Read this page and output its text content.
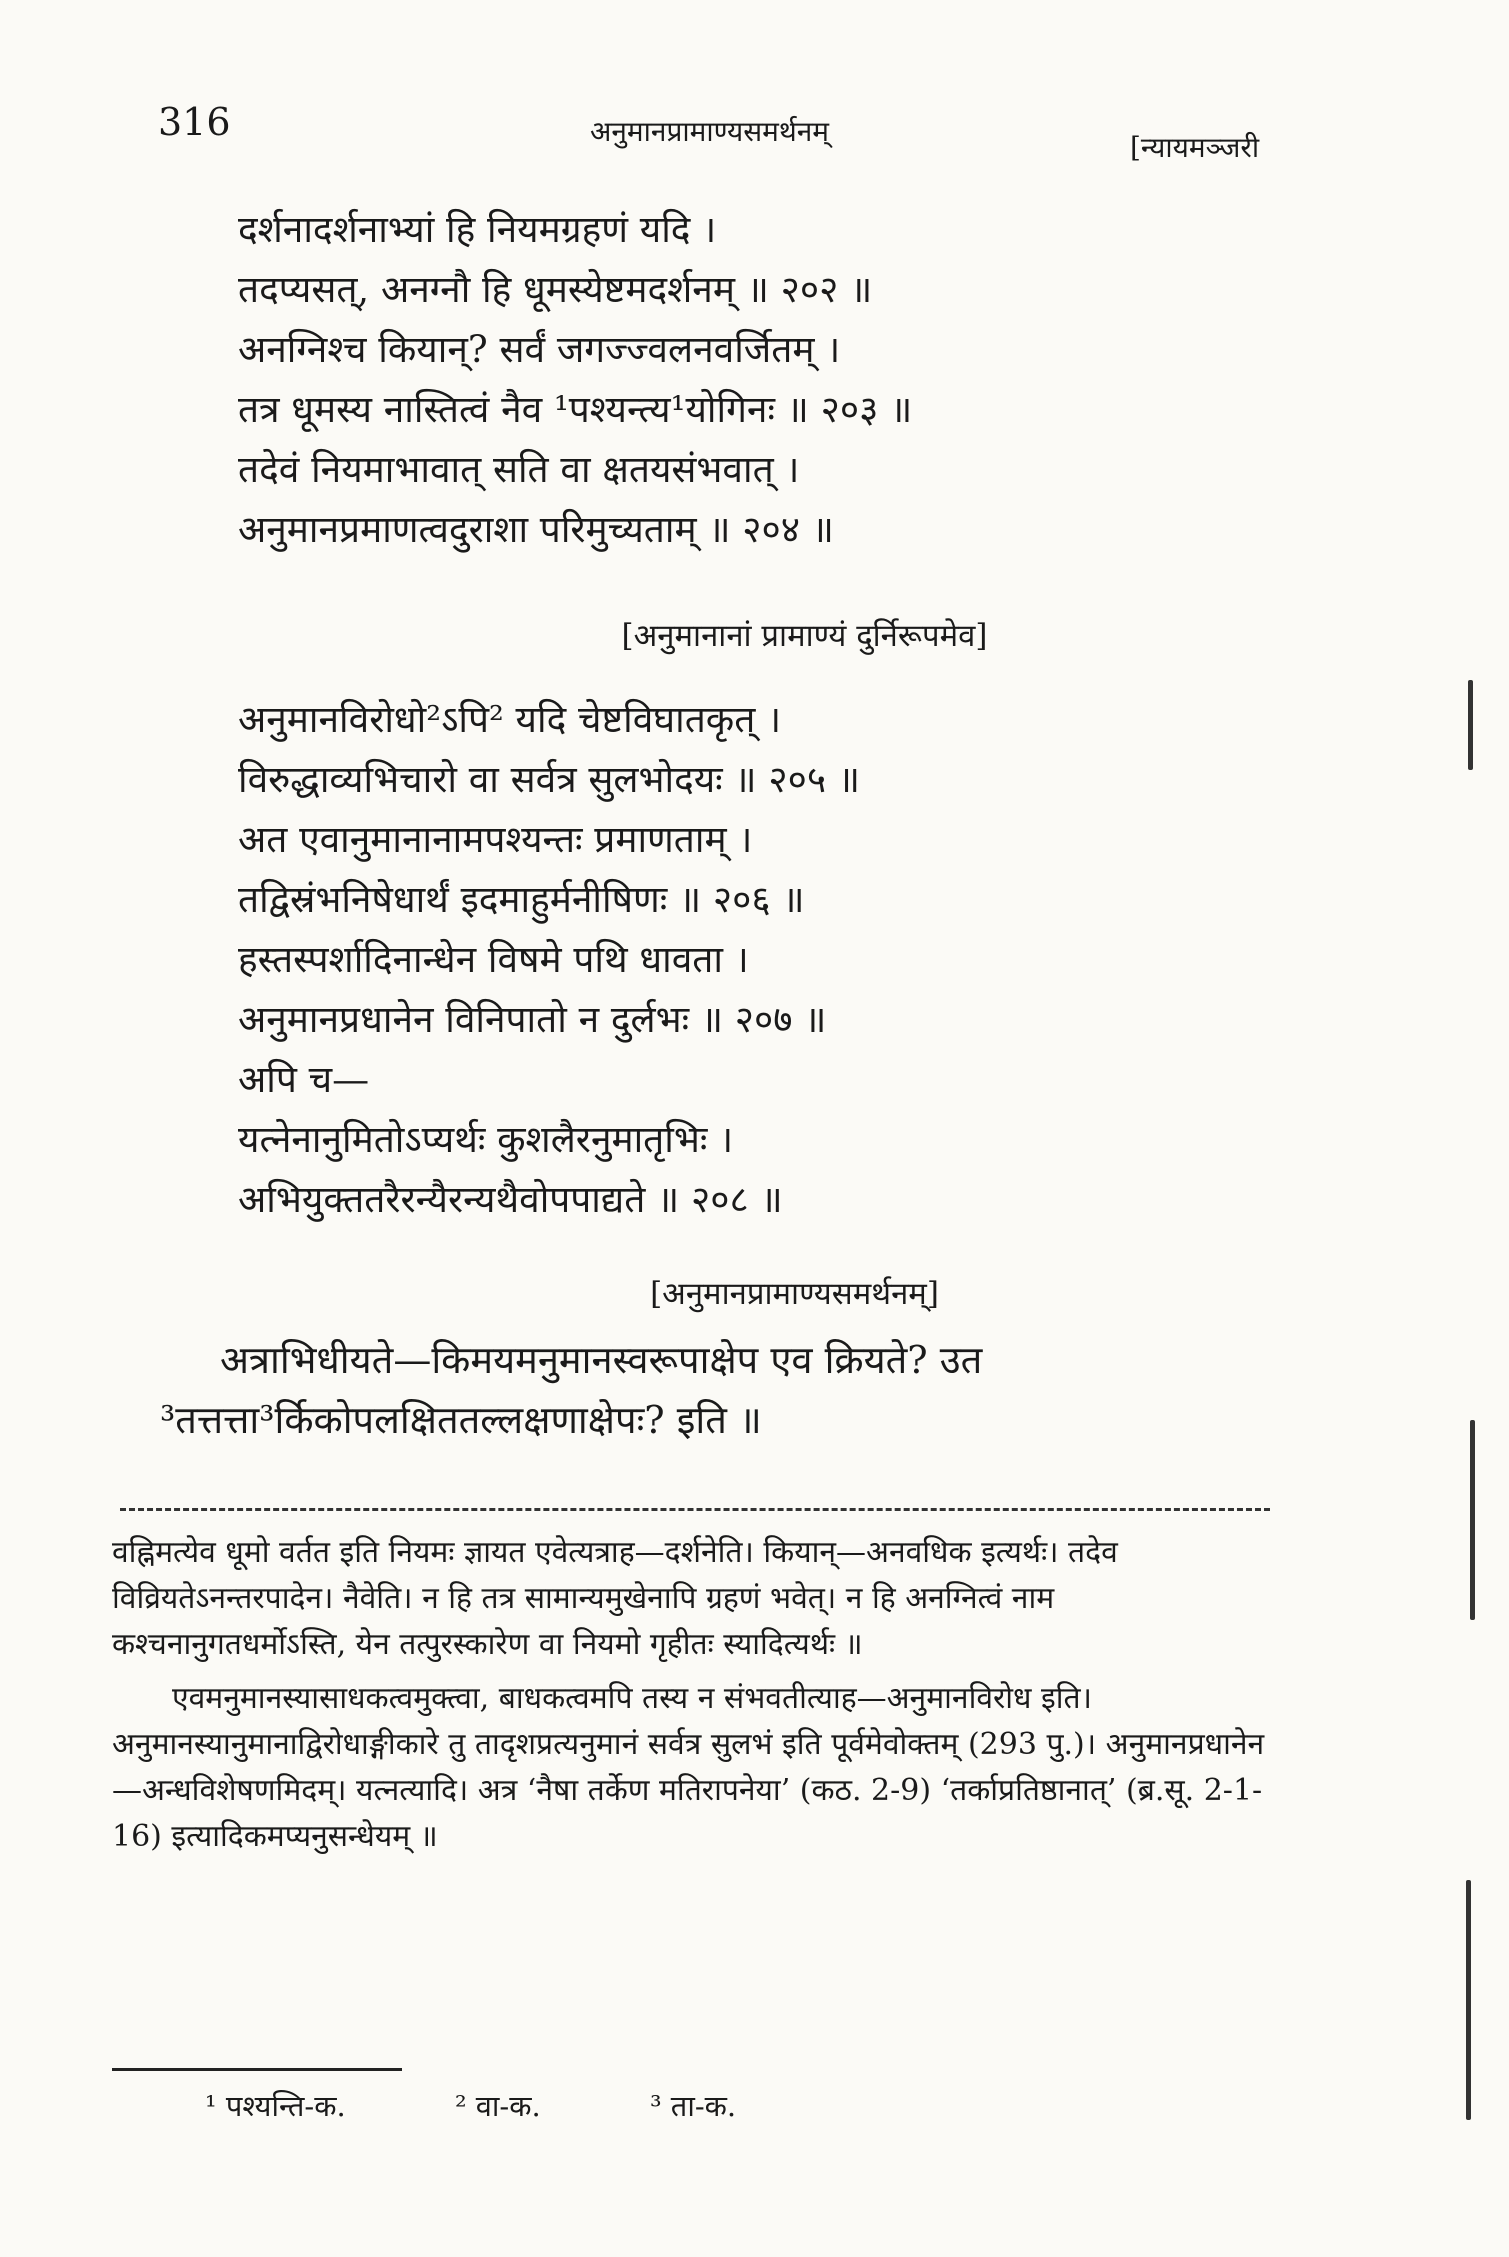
316	अनुमानप्रामाण्यसमर्थनम्	[न्यायमञ्जरी
दर्शनादर्शनाभ्यां हि नियमग्रहणं यदि ।
तदप्यसत्, अनग्नौ हि धूमस्येष्टमदर्शनम् ॥ २०२ ॥
अनग्निश्च कियान्? सर्वं जगज्ज्वलनवर्जितम् ।
तत्र धूमस्य नास्तित्वं नैव ¹पश्यन्त्य¹योगिनः ॥ २०३ ॥
तदेवं नियमाभावात् सति वा क्षतयसंभवात् ।
अनुमानप्रमाणत्वदुराशा परिमुच्यताम् ॥ २०४ ॥
[अनुमानानां प्रामाण्यं दुर्निरूपमेव]
अनुमानविरोधो²ऽपि² यदि चेष्टविघातकृत् ।
विरुद्धाव्यभिचारो वा सर्वत्र सुलभोदयः ॥ २०५ ॥
अत एवानुमानानामपश्यन्तः प्रमाणताम् ।
तद्विस्रंभनिषेधार्थं इदमाहुर्मनीषिणः ॥ २०६ ॥
हस्तस्पर्शादिनान्धेन विषमे पथि धावता ।
अनुमानप्रधानेन विनिपातो न दुर्लभः ॥ २०७ ॥
अपि च—
यत्नेनानुमितोऽप्यर्थः कुशलैरनुमातृभिः ।
अभियुक्ततरैरन्यैरन्यथैवोपपाद्यते ॥ २०८ ॥
[अनुमानप्रामाण्यसमर्थनम्]

अत्राभिधीयते—किमयमनुमानस्वरूपाक्षेप एव क्रियते? उत ³तत्तत्ता³र्किकोपलक्षिततल्लक्षणाक्षेपः? इति ॥

वह्निमत्येव धूमो वर्तत इति नियमः ज्ञायत एवेत्यत्राह—दर्शनेति। कियान्—अनवधिक इत्यर्थः। तदेव विव्रियतेऽनन्तरपादेन। नैवेति। न हि तत्र सामान्यमुखेनापि ग्रहणं भवेत्। न हि अनग्नित्वं नाम कश्चनानुगतधर्मोऽस्ति, येन तत्पुरस्कारेण वा नियमो गृहीतः स्यादित्यर्थः ॥

एवमनुमानस्यासाधकत्वमुक्त्वा, बाधकत्वमपि तस्य न संभवतीत्याह—अनुमानविरोध इति। अनुमानस्यानुमानाद्विरोधाङ्गीकारे तु तादृशप्रत्यनुमानं सर्वत्र सुलभं इति पूर्वमेवोक्तम् (293 पु.)। अनुमानप्रधानेन—अन्धविशेषणमिदम्। यत्नत्यादि। अत्र ‘नैषा तर्केण मतिरापनेया’ (कठ. 2-9) ‘तर्काप्रतिष्ठानात्’ (ब्र.सू. 2-1-16) इत्यादिकमप्यनुसन्धेयम् ॥

¹ पश्यन्ति-क.	² वा-क.	³ ता-क.
